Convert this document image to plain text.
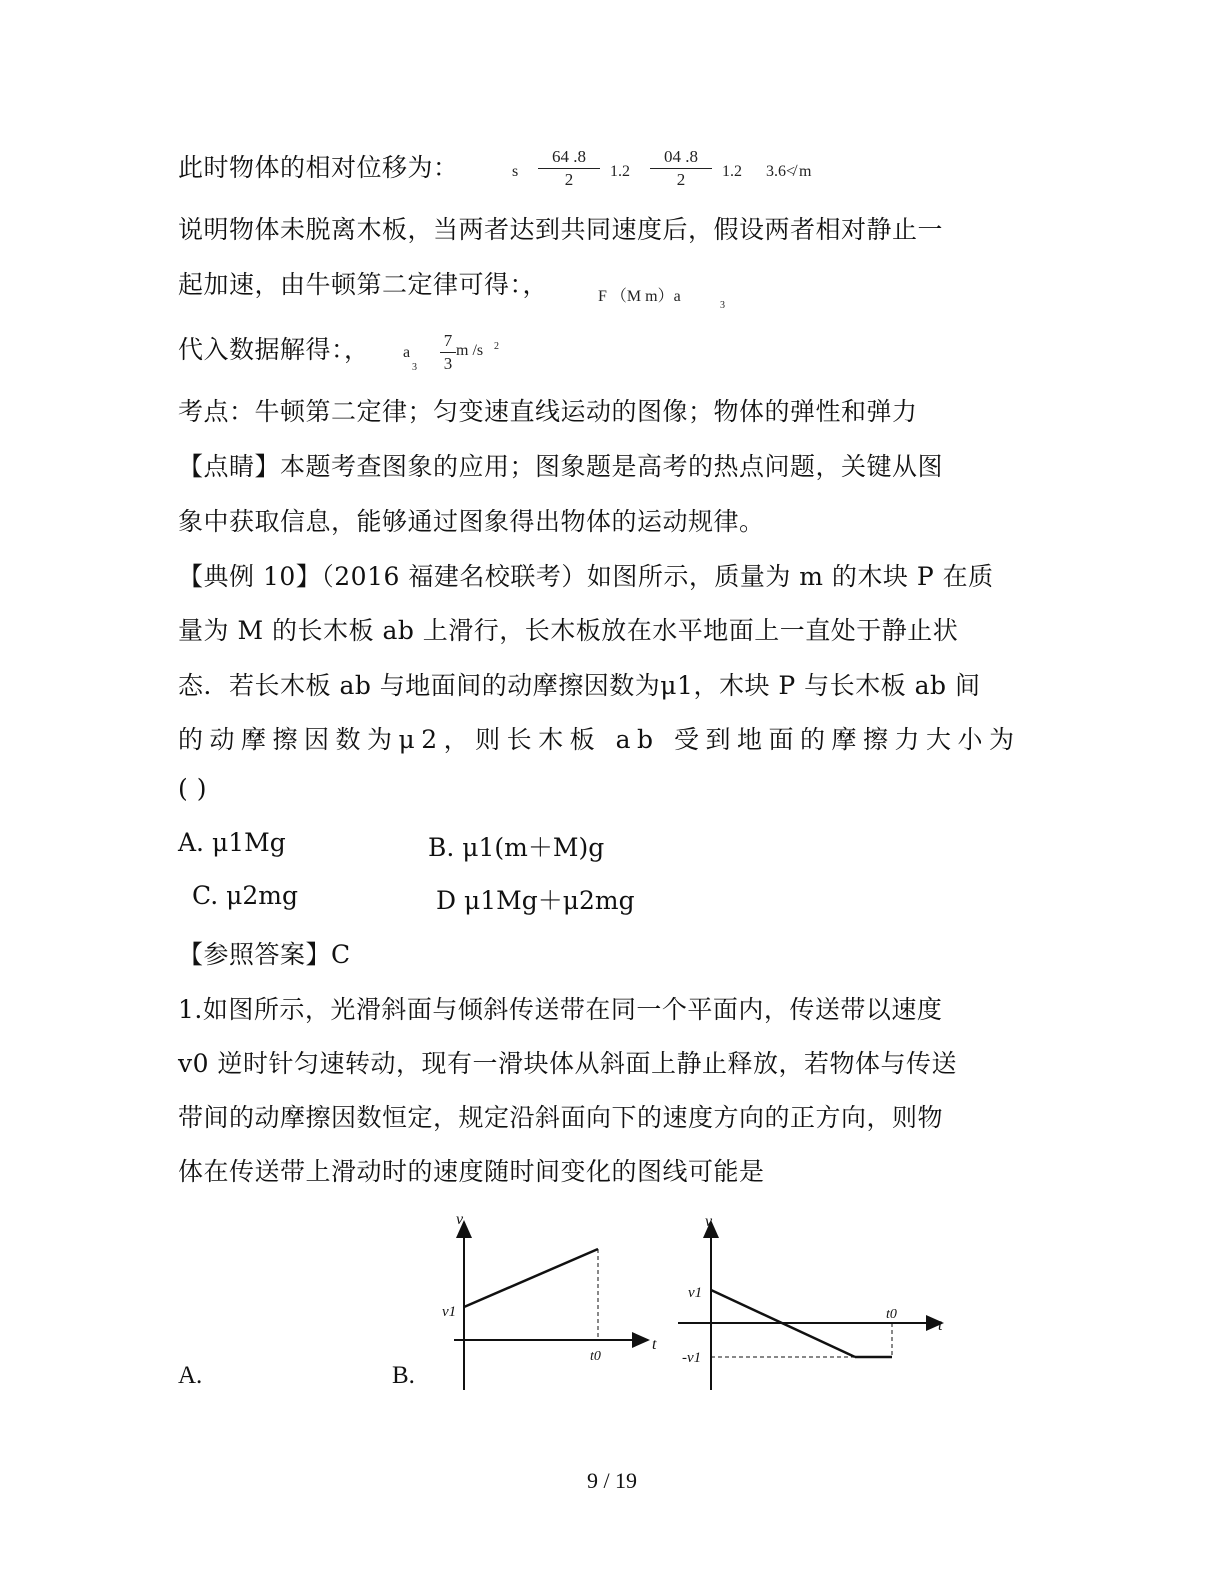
此时物体的相对位移为：	s
64 .8
2	1.2
04 .8
2	1.2 3.6≮ m
说明物体未脱离木板，当两者达到共同速度后，假设两者相对静止一
起加速，由牛顿第二定律可得：，	F （M m）a
3
代入数据解得：， a
3
7
3
m /s 2
考点：牛顿第二定律；匀变速直线运动的图像；物体的弹性和弹力
【点睛】本题考查图象的应用；图象题是高考的热点问题，关键从图
象中获取信息，能够通过图象得出物体的运动规律。
【典例 10】（2016 福建名校联考）如图所示，质量为 m 的木块 P 在质
量为 M 的长木板 ab 上滑行，长木板放在水平地面上一直处于静止状
态．若长木板 ab 与地面间的动摩擦因数为μ1，木块 P 与长木板 ab 间
的动摩擦因数为μ2，则长木板 ab 受到地面的摩擦力大小为
( )
A. μ1Mg	B. μ1(m＋M)g
C. μ2mg	D μ1Mg＋μ2mg
【参照答案】C
1.如图所示，光滑斜面与倾斜传送带在同一个平面内，传送带以速度
v0 逆时针匀速转动，现有一滑块体从斜面上静止释放，若物体与传送
带间的动摩擦因数恒定，规定沿斜面向下的速度方向的正方向，则物
体在传送带上滑动时的速度随时间变化的图线可能是
A.	B.
v
v1
t
t0
v
v1
-v1
t0
t
9 / 19
